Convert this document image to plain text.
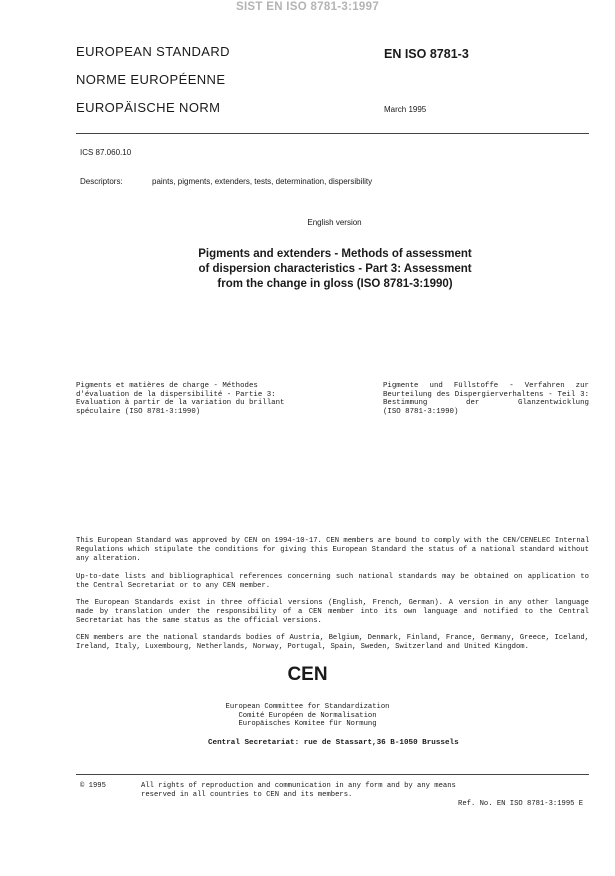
SIST EN ISO 8781-3:1997
EUROPEAN STANDARD
NORME EUROPÉENNE
EUROPÄISCHE NORM
EN ISO 8781-3
March 1995
ICS 87.060.10
Descriptors:	paints, pigments, extenders, tests, determination, dispersibility
English version
Pigments and extenders - Methods of assessment
of dispersion characteristics - Part 3: Assessment
from the change in gloss (ISO 8781-3:1990)
Pigments et matières de charge - Méthodes
d'évaluation de la dispersibilité - Partie 3:
Evaluation à partir de la variation du brillant
spéculaire (ISO 8781-3:1990)
Pigmente und Füllstoffe - Verfahren zur
Beurteilung des Dispergierverhaltens - Teil 3:
Bestimmung der Glanzentwicklung
(ISO 8781-3:1990)
This European Standard was approved by CEN on 1994-10-17. CEN members are bound to comply with the CEN/CENELEC Internal
Regulations which stipulate the conditions for giving this European Standard the status of a national standard without
any alteration.
Up-to-date lists and bibliographical references concerning such national standards may be obtained on application to
the Central Secretariat or to any CEN member.
The European Standards exist in three official versions (English, French, German). A version in any other language
made by translation under the responsibility of a CEN member into its own language and notified to the Central
Secretariat has the same status as the official versions.
CEN members are the national standards bodies of Austria, Belgium, Denmark, Finland, France, Germany, Greece, Iceland,
Ireland, Italy, Luxembourg, Netherlands, Norway, Portugal, Spain, Sweden, Switzerland and United Kingdom.
CEN
European Committee for Standardization
Comité Européen de Normalisation
Europäisches Komitee für Normung
Central Secretariat: rue de Stassart,36 B-1050 Brussels
© 1995	All rights of reproduction and communication in any form and by any means
reserved in all countries to CEN and its members.
Ref. No. EN ISO 8781-3:1995 E
